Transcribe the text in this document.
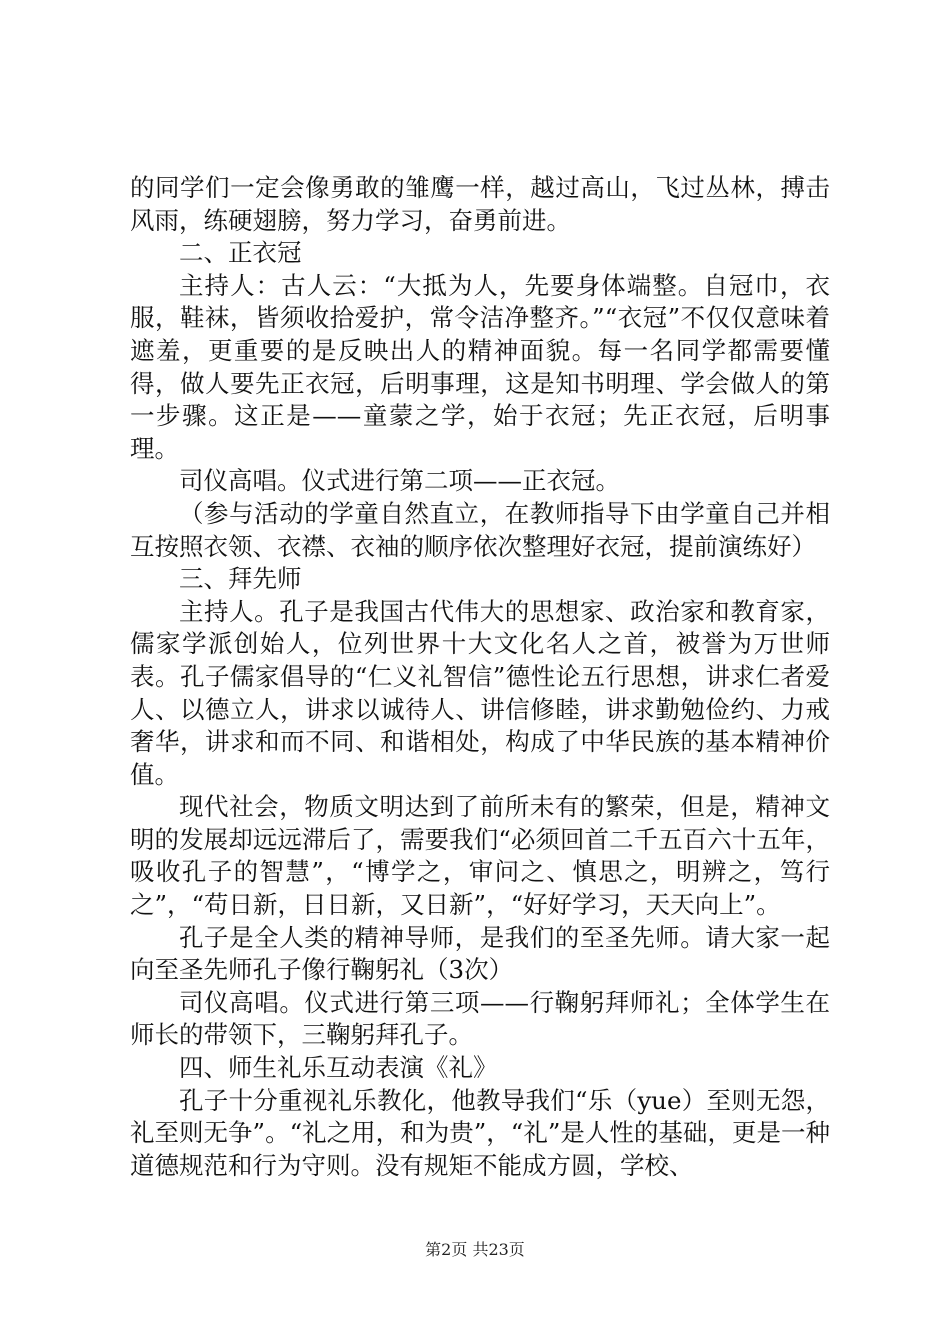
的同学们一定会像勇敢的雏鹰一样，越过高山，飞过丛林，搏击风雨，练硬翅膀，努力学习，奋勇前进。

二、正衣冠

主持人：古人云：“大抵为人，先要身体端整。自冠巾，衣服，鞋袜，皆须收拾爱护，常令洁净整齐。”“衣冠”不仅仅意味着遮羞，更重要的是反映出人的精神面貌。每一名同学都需要懂得，做人要先正衣冠，后明事理，这是知书明理、学会做人的第一步骤。这正是——童蒙之学，始于衣冠；先正衣冠，后明事理。

司仪高唱。仪式进行第二项——正衣冠。

（参与活动的学童自然直立，在教师指导下由学童自己并相互按照衣领、衣襟、衣袖的顺序依次整理好衣冠，提前演练好）

三、拜先师

主持人。孔子是我国古代伟大的思想家、政治家和教育家，儒家学派创始人，位列世界十大文化名人之首，被誉为万世师表。孔子儒家倡导的“仁义礼智信”德性论五行思想，讲求仁者爱人、以德立人，讲求以诚待人、讲信修睦，讲求勤勉俭约、力戒奢华，讲求和而不同、和谐相处，构成了中华民族的基本精神价值。

现代社会，物质文明达到了前所未有的繁荣，但是，精神文明的发展却远远滞后了，需要我们“必须回首二千五百六十五年，吸收孔子的智慧”，“博学之，审问之、慎思之，明辨之，笃行之”，“苟日新，日日新，又日新”，“好好学习，天天向上”。

孔子是全人类的精神导师，是我们的至圣先师。请大家一起向至圣先师孔子像行鞠躬礼（3次）

司仪高唱。仪式进行第三项——行鞠躬拜师礼；全体学生在师长的带领下，三鞠躬拜孔子。

四、师生礼乐互动表演《礼》

孔子十分重视礼乐教化，他教导我们“乐（yue）至则无怨，礼至则无争”。“礼之用，和为贵”，“礼”是人性的基础，更是一种道德规范和行为守则。没有规矩不能成方圆，学校、

第2页 共23页
